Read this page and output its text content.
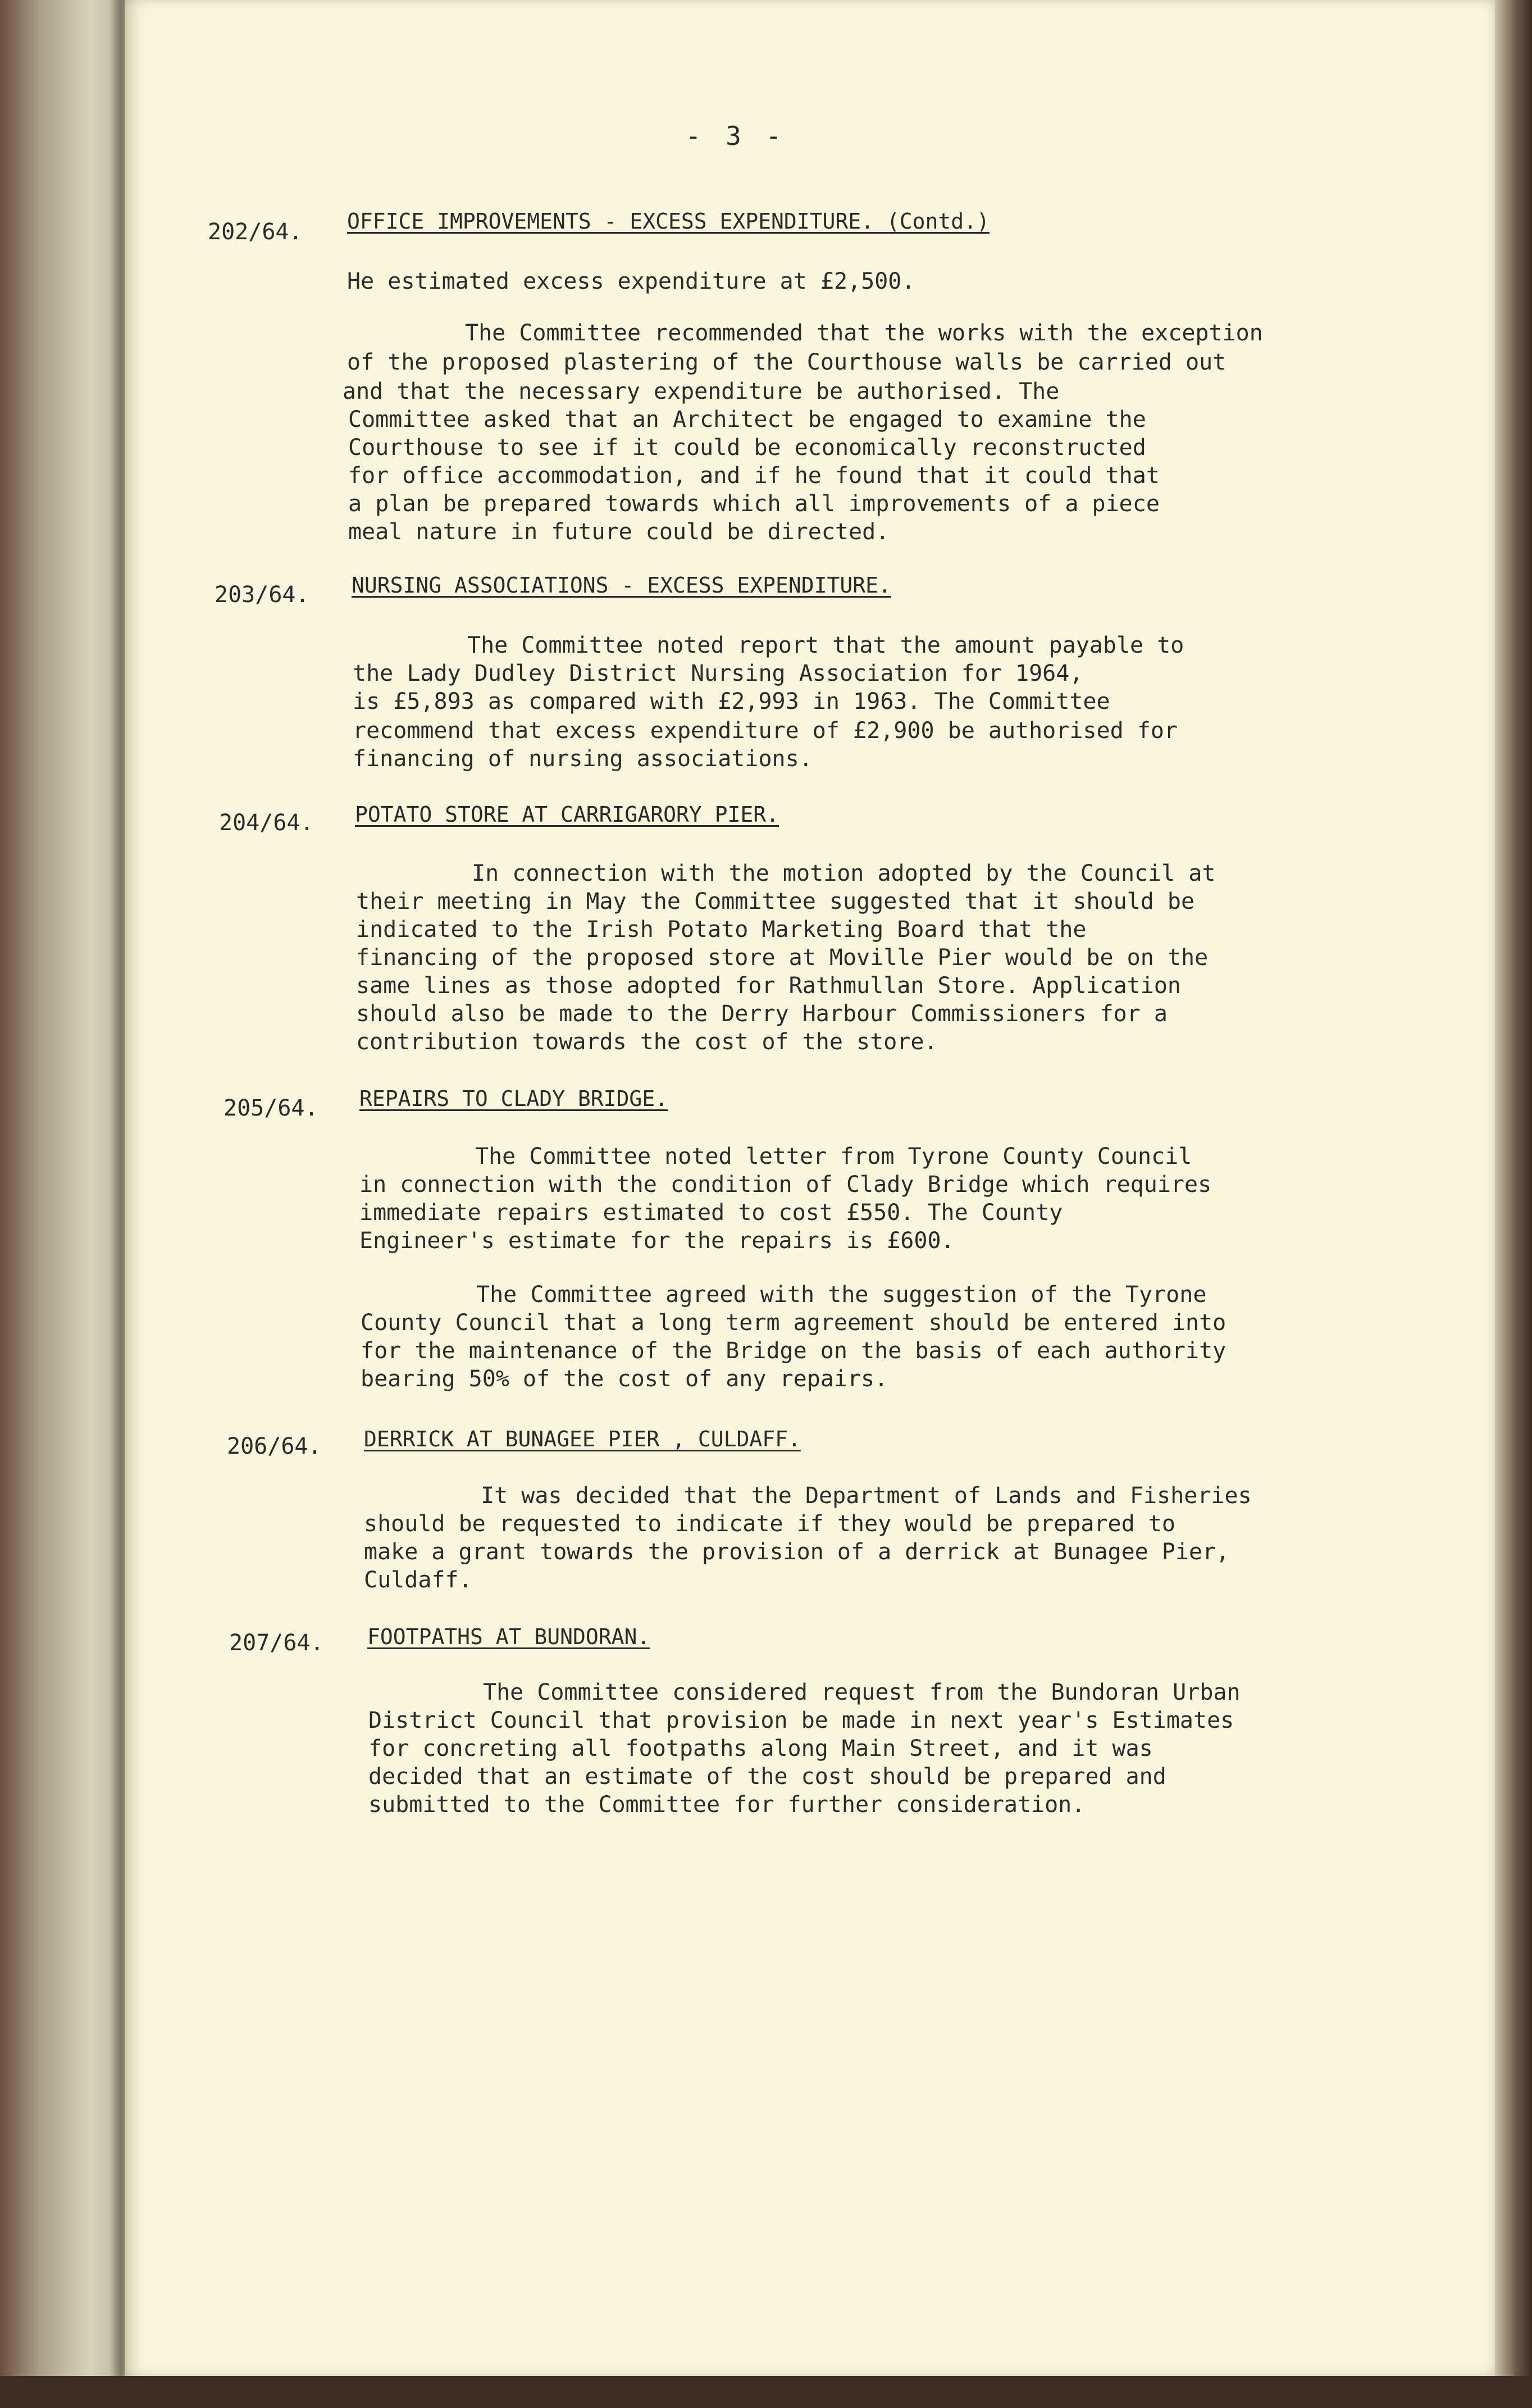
- 3 -
202/64. OFFICE IMPROVEMENTS - EXCESS EXPENDITURE. (Contd.)
He estimated excess expenditure at £2,500.
The Committee recommended that the works with the exception
of the proposed plastering of the Courthouse walls be carried out
and that the necessary expenditure be authorised. The
Committee asked that an Architect be engaged to examine the
Courthouse to see if it could be economically reconstructed
for office accommodation, and if he found that it could that
a plan be prepared towards which all improvements of a piece
meal nature in future could be directed.
203/64. NURSING ASSOCIATIONS - EXCESS EXPENDITURE.
The Committee noted report that the amount payable to
the Lady Dudley District Nursing Association for 1964,
is £5,893 as compared with £2,993 in 1963. The Committee
recommend that excess expenditure of £2,900 be authorised for
financing of nursing associations.
204/64. POTATO STORE AT CARRIGARORY PIER.
In connection with the motion adopted by the Council at
their meeting in May the Committee suggested that it should be
indicated to the Irish Potato Marketing Board that the
financing of the proposed store at Moville Pier would be on the
same lines as those adopted for Rathmullan Store. Application
should also be made to the Derry Harbour Commissioners for a
contribution towards the cost of the store.
205/64. REPAIRS TO CLADY BRIDGE.
The Committee noted letter from Tyrone County Council
in connection with the condition of Clady Bridge which requires
immediate repairs estimated to cost £550. The County
Engineer's estimate for the repairs is £600.
The Committee agreed with the suggestion of the Tyrone
County Council that a long term agreement should be entered into
for the maintenance of the Bridge on the basis of each authority
bearing 50% of the cost of any repairs.
206/64. DERRICK AT BUNAGEE PIER , CULDAFF.
It was decided that the Department of Lands and Fisheries
should be requested to indicate if they would be prepared to
make a grant towards the provision of a derrick at Bunagee Pier,
Culdaff.
207/64. FOOTPATHS AT BUNDORAN.
The Committee considered request from the Bundoran Urban
District Council that provision be made in next year's Estimates
for concreting all footpaths along Main Street, and it was
decided that an estimate of the cost should be prepared and
submitted to the Committee for further consideration.
